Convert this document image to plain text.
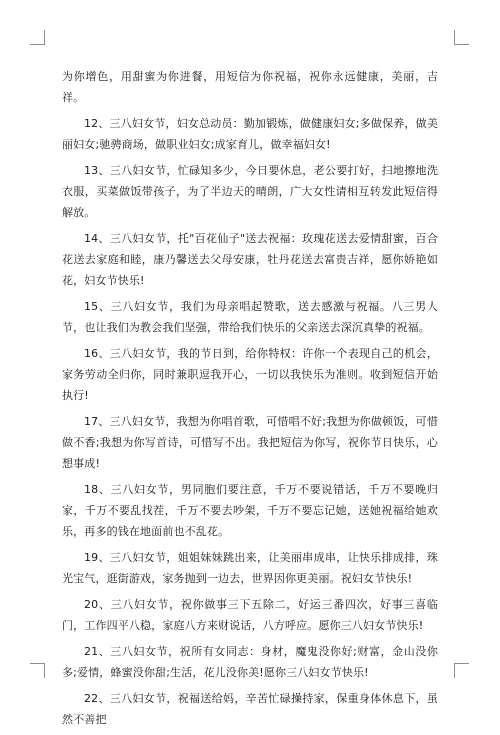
为你增色，用甜蜜为你进餐，用短信为你祝福，祝你永远健康，美丽，吉祥。

12、三八妇女节，妇女总动员：勤加锻炼，做健康妇女;多做保养，做美丽妇女;驰骋商场，做职业妇女;成家育儿，做幸福妇女!

13、三八妇女节，忙碌知多少，今日要休息，老公要打好，扫地擦地洗衣服，买菜做饭带孩子，为了半边天的晴朗，广大女性请相互转发此短信得解放。

14、三八妇女节，托"百花仙子"送去祝福：玫瑰花送去爱情甜蜜，百合花送去家庭和睦，康乃馨送去父母安康，牡丹花送去富贵吉祥，愿你娇艳如花，妇女节快乐!

15、三八妇女节，我们为母亲唱起赞歌，送去感激与祝福。八三男人节，也让我们为教会我们坚强，带给我们快乐的父亲送去深沉真挚的祝福。

16、三八妇女节，我的节日到，给你特权：许你一个表现自己的机会，家务劳动全归你，同时兼职逗我开心，一切以我快乐为准则。收到短信开始执行!

17、三八妇女节，我想为你唱首歌，可惜唱不好;我想为你做顿饭，可惜做不香;我想为你写首诗，可惜写不出。我把短信为你写，祝你节日快乐，心想事成!

18、三八妇女节，男同胞们要注意，千万不要说错话，千万不要晚归家，千万不要乱找茬，千万不要去吵架，千万不要忘记她，送她祝福给她欢乐，再多的钱在地面前也不乱花。

19、三八妇女节，姐姐妹妹跳出来，让美丽串成串，让快乐排成排，珠光宝气，逛街游戏，家务抛到一边去，世界因你更美丽。祝妇女节快乐!

20、三八妇女节，祝你做事三下五除二，好运三番四次，好事三喜临门，工作四平八稳，家庭八方来财说话，八方呼应。愿你三八妇女节快乐!

21、三八妇女节，祝所有女同志：身材，魔鬼没你好;财富，金山没你多;爱情，蜂蜜没你甜;生活，花儿没你美!愿你三八妇女节快乐!

22、三八妇女节，祝福送给妈，辛苦忙碌操持家，保重身体休息下，虽然不善把
